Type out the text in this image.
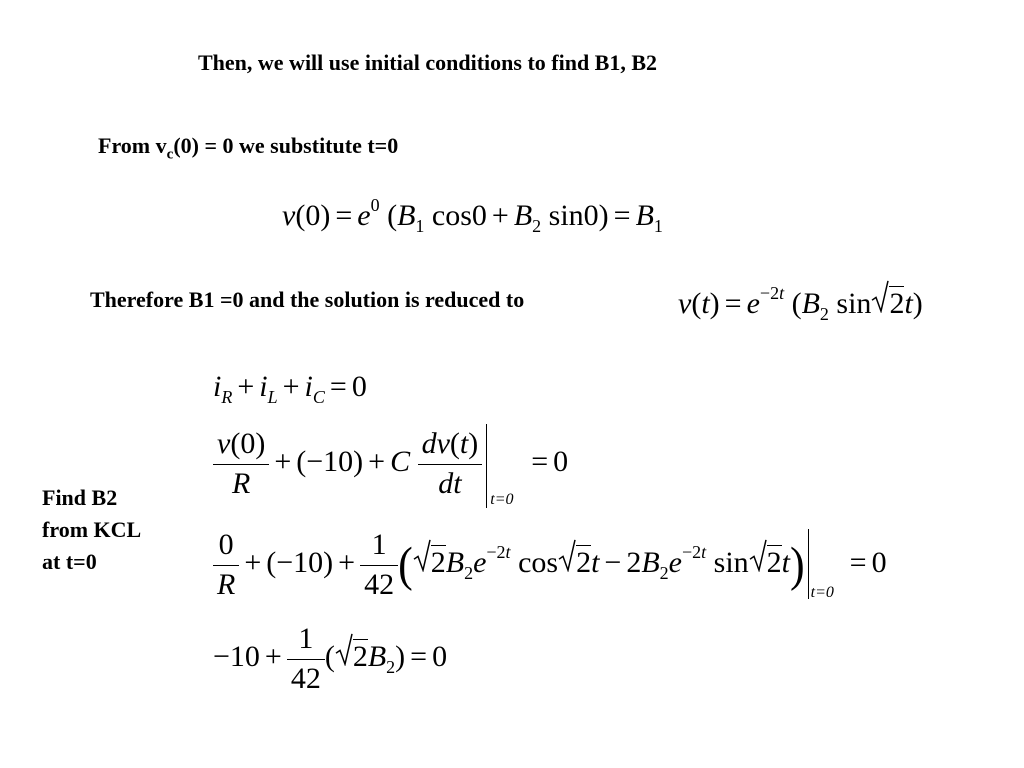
Then, we will use initial conditions to find B1, B2
From $v_c(0) = 0$ we substitute t=0
$v(0) = e^0$ ($B_1$ $\cos 0 + B_2$ $\sin 0) = B_1$
Therefore B1 =0 and the solution is reduced to	$v(t) = e^{-2t}$ ($B_2$ sin 2t)
Find B2
from KCL
at t=0
$i_R + i_L + i_C = 0$
$\frac{v(0)}{R} + (-10) + C \frac{dv(t)}{dt} t=0$
= 0
$\frac{0}{R} + (-10) + \frac{1}{42}$ ( $2B_2e^{-2t}$ $\cos 2t - 2B_2e^{-2t}$ sin 2t)
t=0
= 0
$-10 + \frac{1}{42}$ ( $2B_2) = 0$
